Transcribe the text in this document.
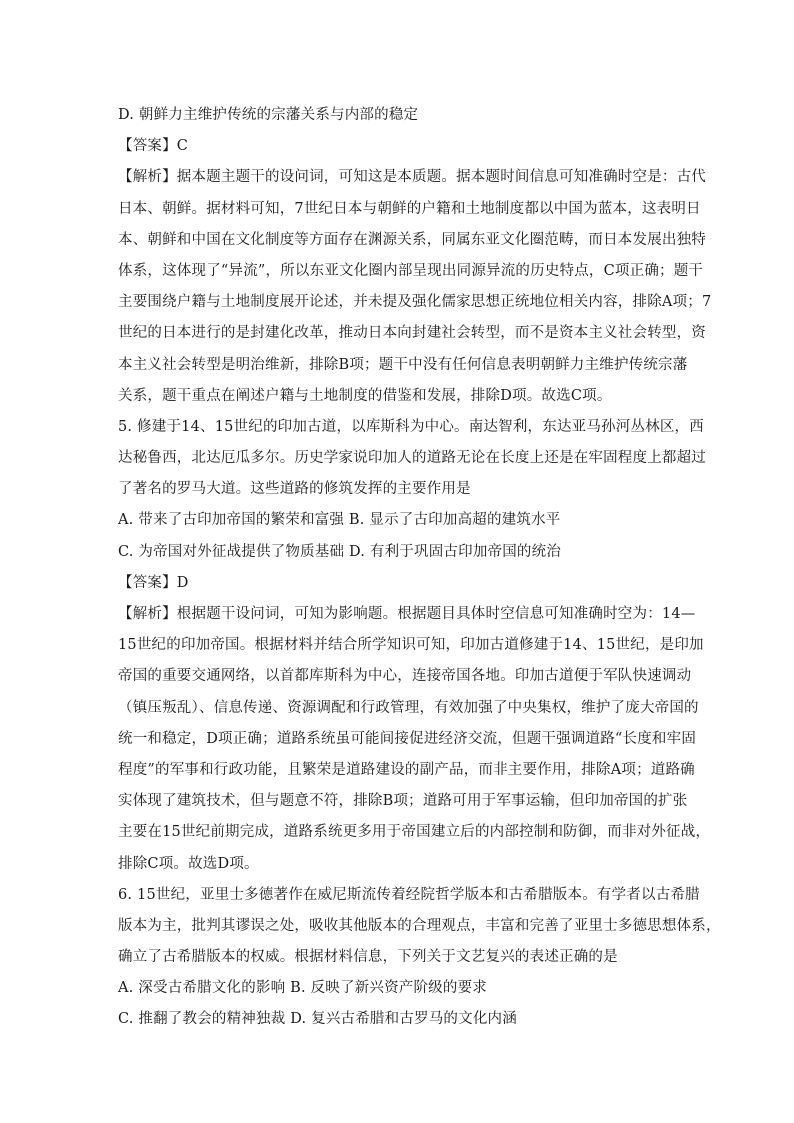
D. 朝鲜力主维护传统的宗藩关系与内部的稳定
【答案】C
【解析】据本题主题干的设问词，可知这是本质题。据本题时间信息可知准确时空是：古代
日本、朝鲜。据材料可知，7世纪日本与朝鲜的户籍和土地制度都以中国为蓝本，这表明日
本、朝鲜和中国在文化制度等方面存在渊源关系，同属东亚文化圈范畴，而日本发展出独特
体系，这体现了“异流”，所以东亚文化圈内部呈现出同源异流的历史特点，C项正确；题干
主要围绕户籍与土地制度展开论述，并未提及强化儒家思想正统地位相关内容，排除A项；7
世纪的日本进行的是封建化改革，推动日本向封建社会转型，而不是资本主义社会转型，资
本主义社会转型是明治维新，排除B项；题干中没有任何信息表明朝鲜力主维护传统宗藩
关系，题干重点在阐述户籍与土地制度的借鉴和发展，排除D项。故选C项。
5. 修建于14、15世纪的印加古道，以库斯科为中心。南达智利，东达亚马孙河丛林区，西
达秘鲁西，北达厄瓜多尔。历史学家说印加人的道路无论在长度上还是在牢固程度上都超过
了著名的罗马大道。这些道路的修筑发挥的主要作用是
A. 带来了古印加帝国的繁荣和富强 B. 显示了古印加高超的建筑水平
C. 为帝国对外征战提供了物质基础 D. 有利于巩固古印加帝国的统治
【答案】D
【解析】根据题干设问词，可知为影响题。根据题目具体时空信息可知准确时空为：14—
15世纪的印加帝国。根据材料并结合所学知识可知，印加古道修建于14、15世纪，是印加
帝国的重要交通网络，以首都库斯科为中心，连接帝国各地。印加古道便于军队快速调动
（镇压叛乱）、信息传递、资源调配和行政管理，有效加强了中央集权，维护了庞大帝国的
统一和稳定，D项正确；道路系统虽可能间接促进经济交流，但题干强调道路“长度和牢固
程度”的军事和行政功能，且繁荣是道路建设的副产品，而非主要作用，排除A项；道路确
实体现了建筑技术，但与题意不符，排除B项；道路可用于军事运输，但印加帝国的扩张
主要在15世纪前期完成，道路系统更多用于帝国建立后的内部控制和防御，而非对外征战，
排除C项。故选D项。
6. 15世纪，亚里士多德著作在威尼斯流传着经院哲学版本和古希腊版本。有学者以古希腊
版本为主，批判其谬误之处，吸收其他版本的合理观点，丰富和完善了亚里士多德思想体系，
确立了古希腊版本的权威。根据材料信息，下列关于文艺复兴的表述正确的是
A. 深受古希腊文化的影响 B. 反映了新兴资产阶级的要求
C. 推翻了教会的精神独裁 D. 复兴古希腊和古罗马的文化内涵
